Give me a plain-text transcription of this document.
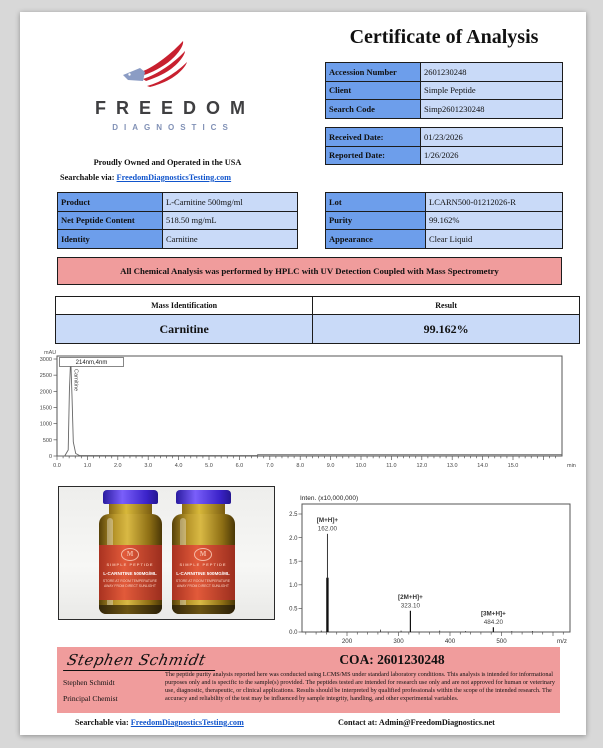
FREEDOM
DIAGNOSTICS
Proudly Owned and Operated in the USA
Searchable via: FreedomDiagnosticsTesting.com
Certificate of Analysis
Accession Number	2601230248
Client	Simple Peptide
Search Code	Simp2601230248
Received Date:	01/23/2026
Reported Date:	1/26/2026
Product	L-Carnitine 500mg/ml
Net Peptide Content	518.50 mg/mL
Identity	Carnitine
Lot	LCARN500-01212026-R
Purity	99.162%
Appearance	Clear Liquid
All Chemical Analysis was performed by HPLC with UV Detection Coupled with Mass Spectrometry
Mass Identification	Result
Carnitine	99.162%
mAU
0
500
1000
1500
2000
2500
3000
0.0	1.0	2.0	3.0	4.0	5.0	6.0	7.0	8.0	9.0	10.0	11.0	12.0	13.0	14.0	15.0	min
214nm,4nm
Carnitine
M
SIMPLE PEPTIDE
L-CARNITINE 500MG/ML
STORE AT ROOM TEMPERATURE
AWAY FROM DIRECT SUNLIGHT
M
SIMPLE PEPTIDE
L-CARNITINE 500MG/ML
STORE AT ROOM TEMPERATURE
AWAY FROM DIRECT SUNLIGHT
Inten. (x10,000,000)
0.0
0.5
1.0
1.5
2.0
2.5
200	300	400	500	m/z
[M+H]+
162.00
[2M+H]+
323.10
[3M+H]+
484.20
Stephen Schmidt	COA: 2601230248
Stephen Schmidt
Principal Chemist
The peptide purity analysis reported here was conducted using LCMS/MS under standard laboratory conditions. This analysis is intended for informational purposes only and is specific to the sample(s) provided. The peptides tested are intended for research use only and are not approved for human or veterinary use, diagnostic, therapeutic, or clinical applications. Results should be interpreted by qualified professionals within the scope of the intended research. The accuracy and reliability of the test may be influenced by sample integrity, handling, and other experimental variables.
Searchable via: FreedomDiagnosticsTesting.com	Contact at: Admin@FreedomDiagnostics.net
